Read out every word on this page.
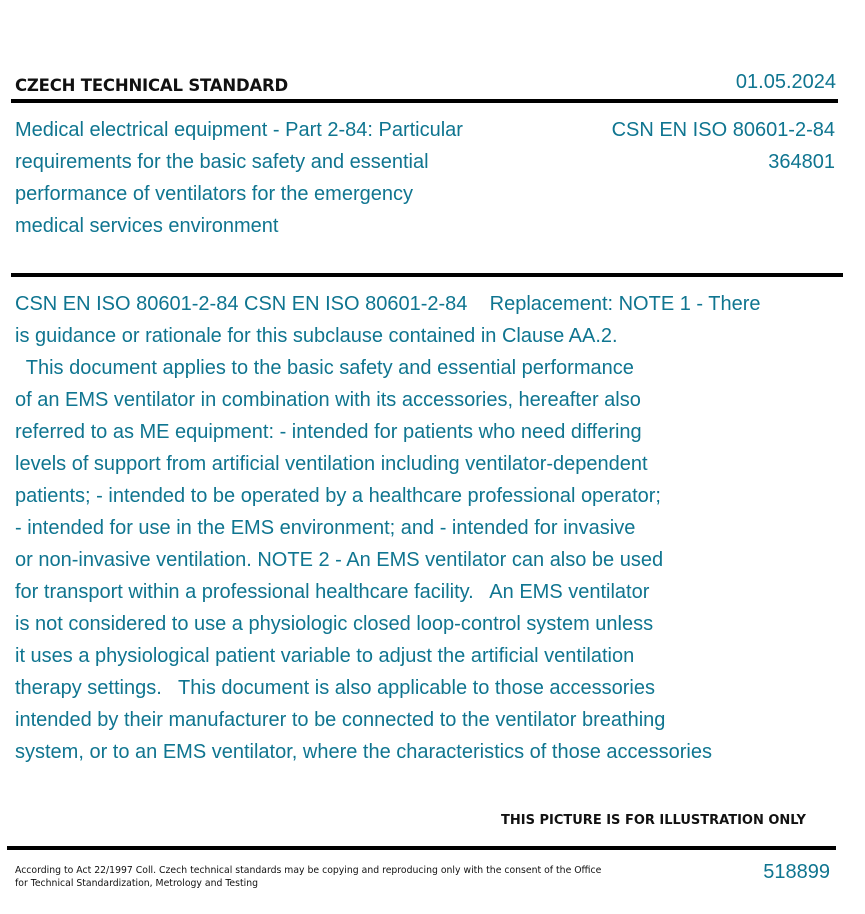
CZECH TECHNICAL STANDARD	01.05.2024
Medical electrical equipment - Part 2-84: Particular
requirements for the basic safety and essential
performance of ventilators for the emergency
medical services environment
CSN EN ISO 80601-2-84
364801

CSN EN ISO 80601-2-84 CSN EN ISO 80601-2-84    Replacement: NOTE 1 - There

is guidance or rationale for this subclause contained in Clause AA.2.

This document applies to the basic safety and essential performance

of an EMS ventilator in combination with its accessories, hereafter also

referred to as ME equipment: - intended for patients who need differing

levels of support from artificial ventilation including ventilator-dependent

patients; - intended to be operated by a healthcare professional operator;

- intended for use in the EMS environment; and - intended for invasive

or non-invasive ventilation. NOTE 2 - An EMS ventilator can also be used

for transport within a professional healthcare facility.   An EMS ventilator

is not considered to use a physiologic closed loop-control system unless

it uses a physiological patient variable to adjust the artificial ventilation

therapy settings.   This document is also applicable to those accessories

intended by their manufacturer to be connected to the ventilator breathing

system, or to an EMS ventilator, where the characteristics of those accessories

THIS PICTURE IS FOR ILLUSTRATION ONLY

According to Act 22/1997 Coll. Czech technical standards may be copying and reproducing only with the consent of the Office

for Technical Standardization, Metrology and Testing

518899
